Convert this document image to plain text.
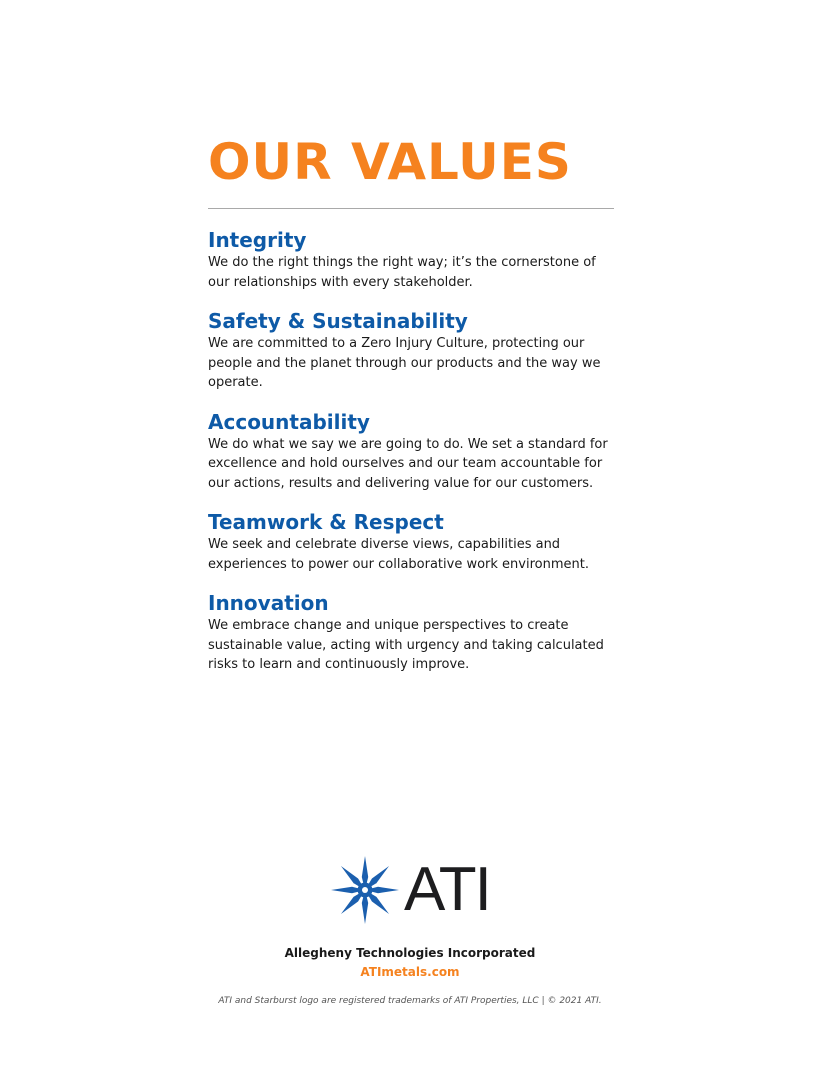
OUR VALUES
Integrity

We do the right things the right way; it’s the cornerstone of our relationships with every stakeholder.

Safety & Sustainability

We are committed to a Zero Injury Culture, protecting our people and the planet through our products and the way we operate.

Accountability

We do what we say we are going to do. We set a standard for excellence and hold ourselves and our team accountable for our actions, results and delivering value for our customers.

Teamwork & Respect

We seek and celebrate diverse views, capabilities and experiences to power our collaborative work environment.

Innovation

We embrace change and unique perspectives to create sustainable value, acting with urgency and taking calculated risks to learn and continuously improve.

ATI
Allegheny Technologies Incorporated
ATImetals.com
ATI and Starburst logo are registered trademarks of ATI Properties, LLC | © 2021 ATI.
